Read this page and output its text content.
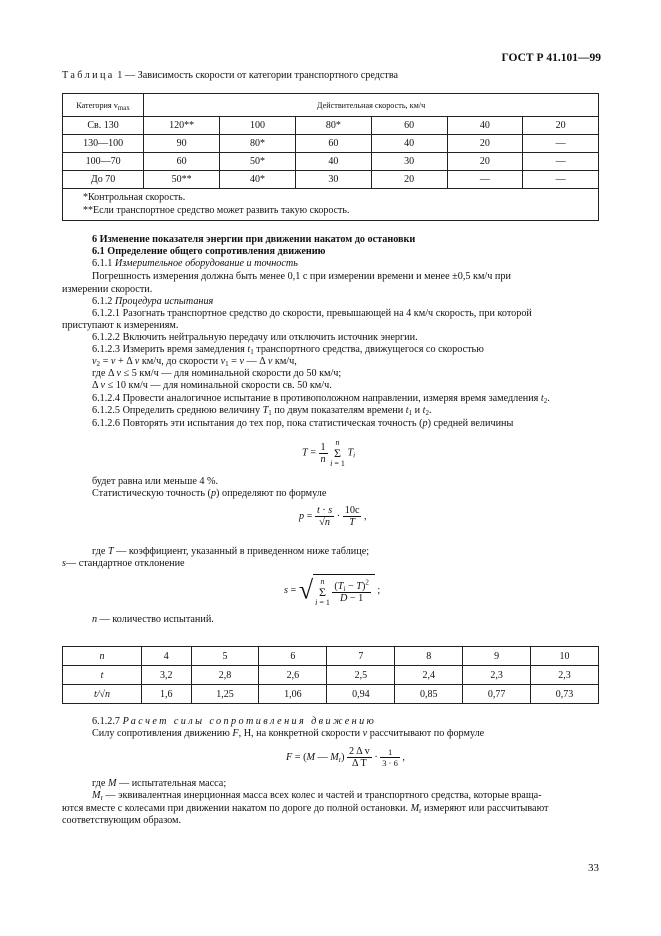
ГОСТ Р 41.101—99
Таблица 1 — Зависимость скорости от категории транспортного средства
Категория $v_{max}$	Действительная скорость, км/ч					
Св. 130	120**	100	80*	60	40	20
130—100	90	80*	60	40	20	—
100—70	60	50*	40	30	20	—
До 70	50**	40*	30	20	—	—

*Контрольная скорость.
**Если транспортное средство может развить такую скорость.						
6 Изменение показателя энергии при движении накатом до остановки
6.1 Определение общего сопротивления движению
6.1.1 Измерительное оборудование и точность
Погрешность измерения должна быть менее 0,1 с при измерении времени и менее ±0,5 км/ч при
измерении скорости.
6.1.2 Процедура испытания
6.1.2.1 Разогнать транспортное средство до скорости, превышающей на 4 км/ч скорость, при которой
приступают к измерениям.
6.1.2.2 Включить нейтральную передачу или отключить источник энергии.
6.1.2.3 Измерить время замедления $t_1$ транспортного средства, движущегося со скоростью
$v_2 = v + \Delta$ v км/ч, до скорости $v_1 = v$ — Δ v км/ч,
где Δ v ≤ 5 км/ч — для номинальной скорости до 50 км/ч;
Δ v ≤ 10 км/ч — для номинальной скорости св. 50 км/ч.
6.1.2.4 Провести аналогичное испытание в противоположном направлении, измеряя время замедления $t_2$.
6.1.2.5 Определить среднюю величину $T_1$ по двум показателям времени $t_1$ и $t_2$.
6.1.2.6 Повторять эти испытания до тех пор, пока статистическая точность (p) средней величины
$T = \frac{1}{n}$
n
Σ
i = 1
$T_i$
будет равна или меньше 4 %.
Статистическую точность (p) определяют по формуле
$p = \frac{t \cdot s}{√n} \cdot \frac{10c}{T}$ ,
где T — коэффициент, указанный в приведенном ниже таблице;
s— стандартное отклонение
s = √ n
Σ
i = 1
$\frac{(T_i - T)^2}{D - 1}$ ;
n — количество испытаний.
n	4	5	6	7	8	9	10
t	3,2	2,8	2,6	2,5	2,4	2,3	2,3
t/√n	1,6	1,25	1,06	0,94	0,85	0,77	0,73
6.1.2.7 Расчет силы сопротивления движению
Силу сопротивления движению F, Н, на конкретной скорости v рассчитывают по формуле
F = (M — $M_r) \frac{\text{2 Δ v}}{\text{Δ T}} \cdot \frac{1}{3 \cdot 6}$ ,
где M — испытательная масса;
$M_r$ — эквивалентная инерционная масса всех колес и частей и транспортного средства, которые враща-
ются вместе с колесами при движении накатом по дороге до полной остановки. $M_r$ измеряют или рассчитывают
соответствующим образом.
33
